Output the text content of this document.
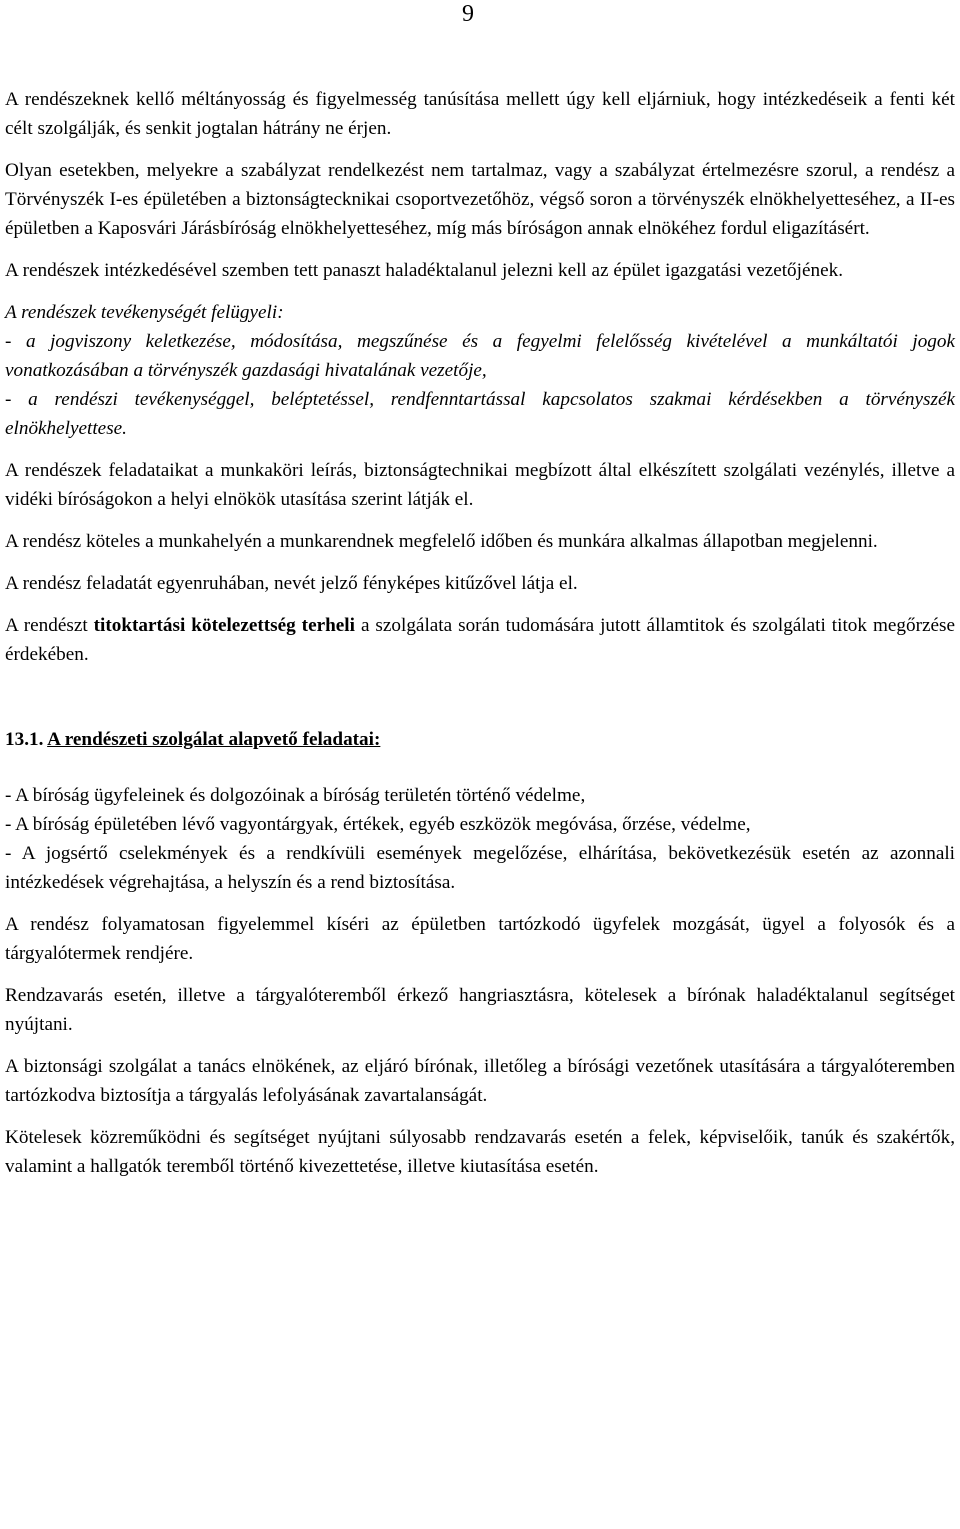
9

A rendészeknek kellő méltányosság és figyelmesség tanúsítása mellett úgy kell eljárniuk, hogy intézkedéseik a fenti két célt szolgálják, és senkit jogtalan hátrány ne érjen.

Olyan esetekben, melyekre a szabályzat rendelkezést nem tartalmaz, vagy a szabályzat értelmezésre szorul, a rendész a Törvényszék I-es épületében a biztonságtecknikai csoportvezetőhöz, végső soron a törvényszék elnökhelyetteséhez, a II-es épületben a Kaposvári Járásbíróság elnökhelyetteséhez, míg más bíróságon annak elnökéhez fordul eligazításért.

A rendészek intézkedésével szemben tett panaszt haladéktalanul jelezni kell az épület igazgatási vezetőjének.

A rendészek tevékenységét felügyeli:

- a jogviszony keletkezése, módosítása, megszűnése és a fegyelmi felelősség kivételével a munkáltatói jogok vonatkozásában a törvényszék gazdasági hivatalának vezetője,

- a rendészi tevékenységgel, beléptetéssel, rendfenntartással kapcsolatos szakmai kérdésekben a törvényszék elnökhelyettese.

A rendészek feladataikat a munkaköri leírás, biztonságtechnikai megbízott által elkészített szolgálati vezénylés, illetve a vidéki bíróságokon a helyi elnökök utasítása szerint látják el.

A rendész köteles a munkahelyén a munkarendnek megfelelő időben és munkára alkalmas állapotban megjelenni.

A rendész feladatát egyenruhában, nevét jelző fényképes kitűzővel látja el.

A rendészt titoktartási kötelezettség terheli a szolgálata során tudomására jutott államtitok és szolgálati titok megőrzése érdekében.

13.1. A rendészeti szolgálat alapvető feladatai:

- A bíróság ügyfeleinek és dolgozóinak a bíróság területén történő védelme,

- A bíróság épületében lévő vagyontárgyak, értékek, egyéb eszközök megóvása, őrzése, védelme,

- A jogsértő cselekmények és a rendkívüli események megelőzése, elhárítása, bekövetkezésük esetén az azonnali intézkedések végrehajtása, a helyszín és a rend biztosítása.

A rendész folyamatosan figyelemmel kíséri az épületben tartózkodó ügyfelek mozgását, ügyel a folyosók és a tárgyalótermek rendjére.

Rendzavarás esetén, illetve a tárgyalóteremből érkező hangriasztásra, kötelesek a bírónak haladéktalanul segítséget nyújtani.

A biztonsági szolgálat a tanács elnökének, az eljáró bírónak, illetőleg a bírósági vezetőnek utasítására a tárgyalóteremben tartózkodva biztosítja a tárgyalás lefolyásának zavartalanságát.

Kötelesek közreműködni és segítséget nyújtani súlyosabb rendzavarás esetén a felek, képviselőik, tanúk és szakértők, valamint a hallgatók teremből történő kivezettetése, illetve kiutasítása esetén.
